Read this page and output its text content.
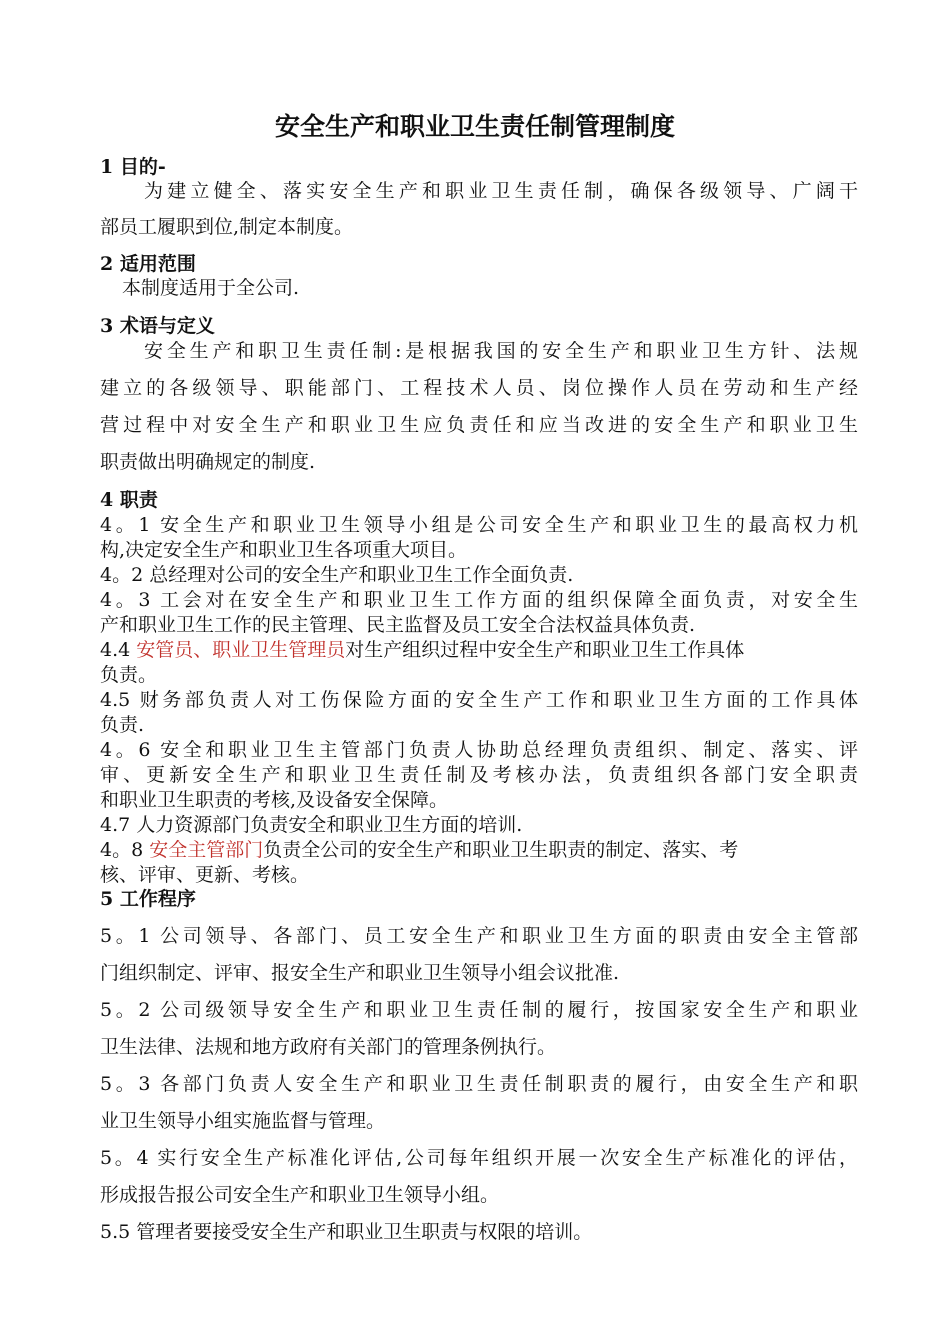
安全生产和职业卫生责任制管理制度
1 目的-
为建立健全、落实安全生产和职业卫生责任制，确保各级领导、广阔干
部员工履职到位,制定本制度。
2 适用范围
本制度适用于全公司.
3 术语与定义
安全生产和职卫生责任制:是根据我国的安全生产和职业卫生方针、法规
建立的各级领导、职能部门、工程技术人员、岗位操作人员在劳动和生产经
营过程中对安全生产和职业卫生应负责任和应当改进的安全生产和职业卫生
职责做出明确规定的制度.
4 职责
4。1 安全生产和职业卫生领导小组是公司安全生产和职业卫生的最高权力机
构,决定安全生产和职业卫生各项重大项目。
4。2 总经理对公司的安全生产和职业卫生工作全面负责.
4。3 工会对在安全生产和职业卫生工作方面的组织保障全面负责，对安全生
产和职业卫生工作的民主管理、民主监督及员工安全合法权益具体负责.
4.4 安管员、职业卫生管理员对生产组织过程中安全生产和职业卫生工作具体
负责。
4.5 财务部负责人对工伤保险方面的安全生产工作和职业卫生方面的工作具体
负责.
4。6 安全和职业卫生主管部门负责人协助总经理负责组织、制定、落实、评
审、更新安全生产和职业卫生责任制及考核办法，负责组织各部门安全职责
和职业卫生职责的考核,及设备安全保障。
4.7 人力资源部门负责安全和职业卫生方面的培训.
4。8 安全主管部门负责全公司的安全生产和职业卫生职责的制定、落实、考
核、评审、更新、考核。
5 工作程序
5。1 公司领导、各部门、员工安全生产和职业卫生方面的职责由安全主管部
门组织制定、评审、报安全生产和职业卫生领导小组会议批准.
5。2 公司级领导安全生产和职业卫生责任制的履行，按国家安全生产和职业
卫生法律、法规和地方政府有关部门的管理条例执行。
5。3 各部门负责人安全生产和职业卫生责任制职责的履行，由安全生产和职
业卫生领导小组实施监督与管理。
5。4 实行安全生产标准化评估,公司每年组织开展一次安全生产标准化的评估，
形成报告报公司安全生产和职业卫生领导小组。
5.5 管理者要接受安全生产和职业卫生职责与权限的培训。
